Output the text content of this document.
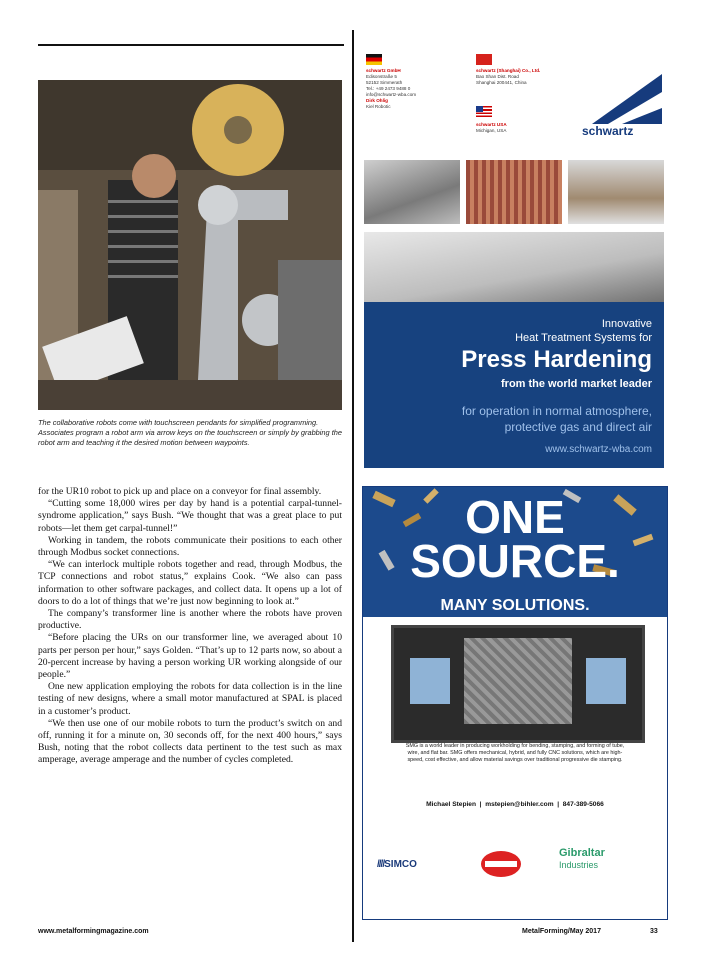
The collaborative robots come with touchscreen pendants for simplified programming. Associates program a robot arm via arrow keys on the touchscreen or simply by grabbing the robot arm and teaching it the desired motion between waypoints.

for the UR10 robot to pick up and place on a conveyor for final assembly.

“Cutting some 18,000 wires per day by hand is a potential carpal-tunnel-syndrome application,” says Bush. “We thought that was a great place to put robots—let them get carpal-tunnel!”

Working in tandem, the robots communicate their positions to each other through Modbus socket connections.

“We can interlock multiple robots together and read, through Modbus, the TCP connections and robot status,” explains Cook. “We also can pass information to other software packages, and collect data. It opens up a lot of doors to do a lot of things that we’re just now beginning to look at.”

The company’s transformer line is another where the robots have proven productive.

“Before placing the URs on our transformer line, we averaged about 10 parts per person per hour,” says Golden. “That’s up to 12 parts now, so about a 20-percent increase by having a person working UR working alongside of our people.”

One new application employing the robots for data collection is in the line testing of new designs, where a small motor manufactured at SPAL is placed in a customer’s product.

“We then use one of our mobile robots to turn the product’s switch on and off, running it for a minute on, 30 seconds off, for the next 400 hours,” says Bush, noting that the robot collects data pertinent to the test such as max amperage, average amperage and the number of cycles completed.

www.metalformingmagazine.com	MetalForming/May 2017	33
schwartz GmbH
Edisonstraße 5
52152 Simmerath
Tel.: +49 2473 9488 0
info@schwartz-wba.com
Dirk Ohlig
Kiel Robotic
schwartz (Shanghai) Co., Ltd.
Bao Shan Dist. Road
Shanghai 200441, China
schwartz USA
Michigan, USA	schwartz
Innovative
Heat Treatment Systems for
Press Hardening
from the world market leader
for operation in normal atmosphere,
protective gas and direct air
www.schwartz-wba.com
ONE
SOURCE.
MANY SOLUTIONS.
SMG is a world leader in producing workholding for bending, stamping, and forming of tube, wire, and flat bar. SMG offers mechanical, hybrid, and fully CNC solutions, which are high-speed, cost effective, and allow material savings over traditional progressive die stamping.
Michael Stepien  |  mstepien@bihler.com  |  847-389-5066
////SIMCO
Gibraltar
Industries
